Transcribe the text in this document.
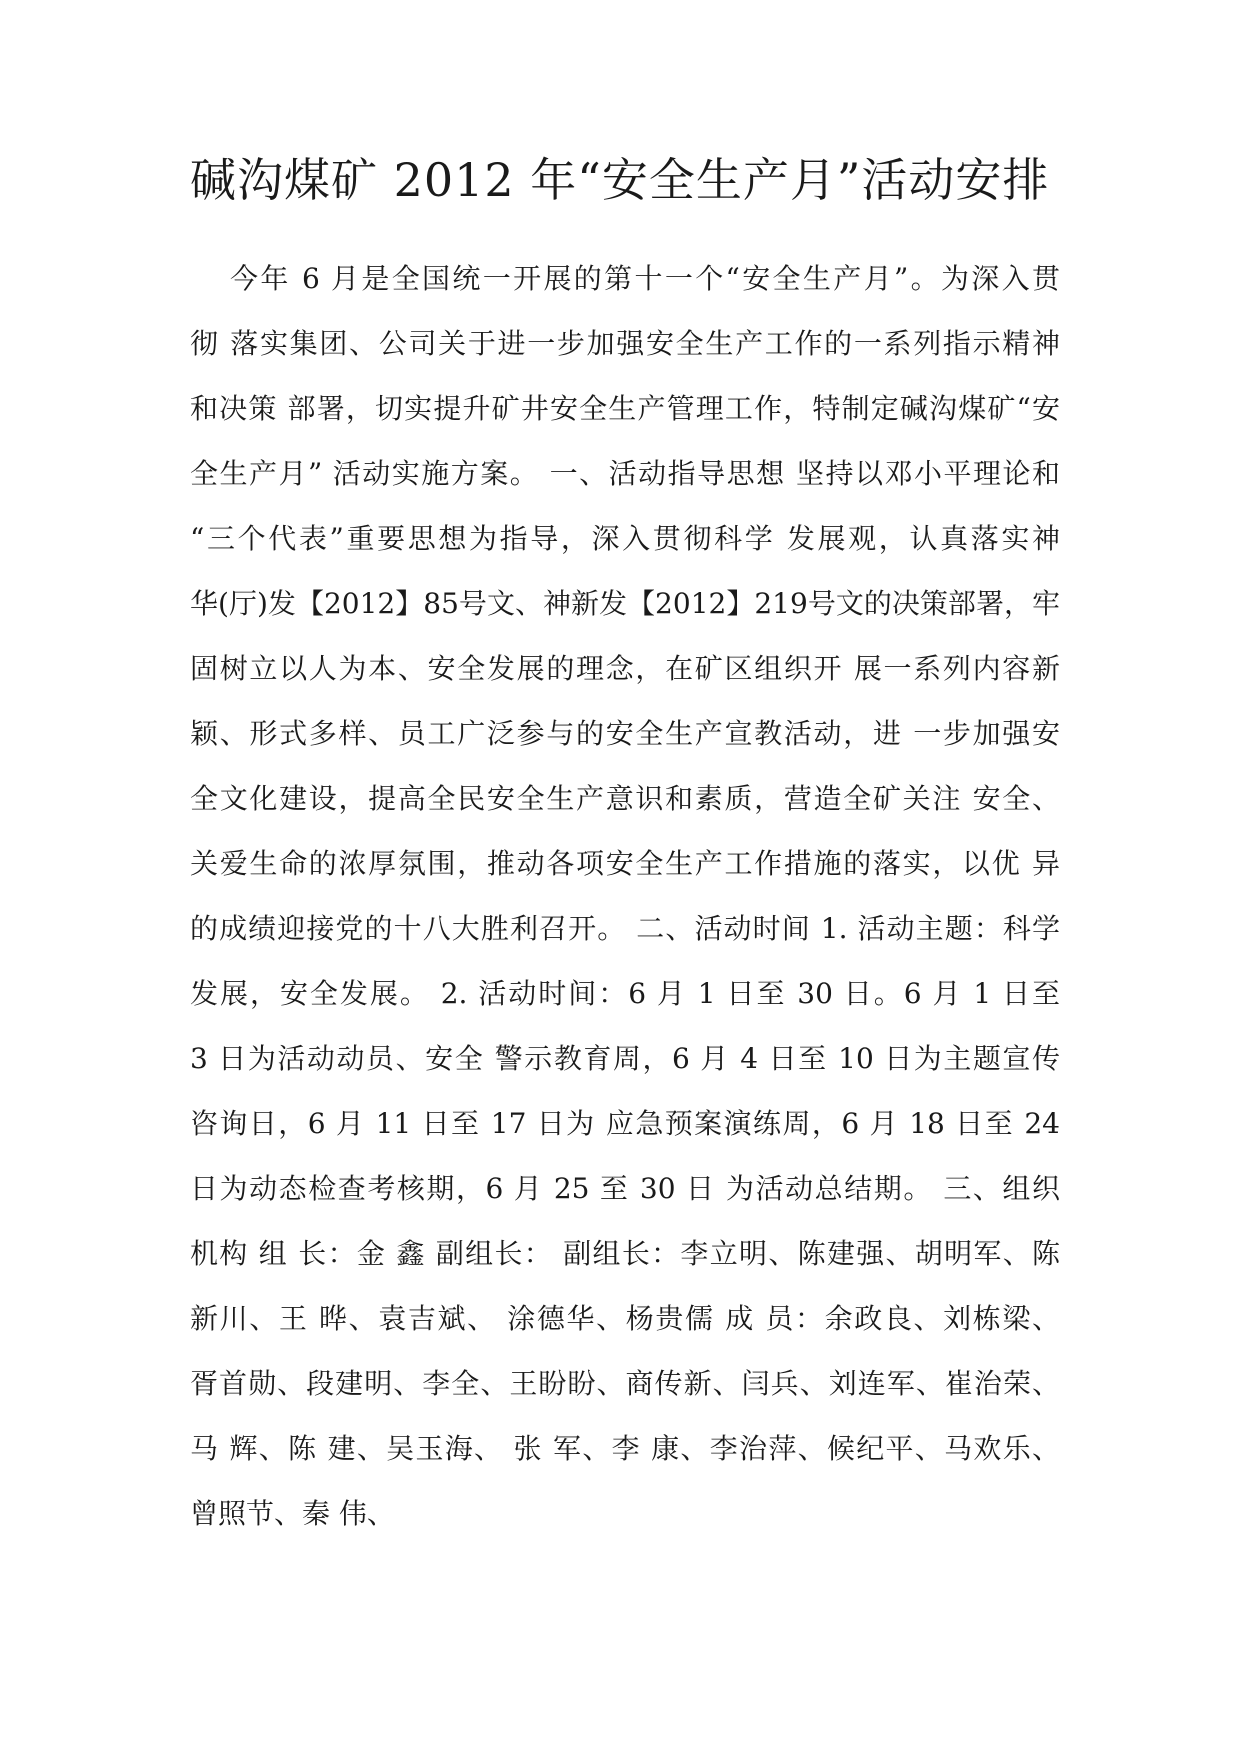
碱沟煤矿 2012 年“安全生产月”活动安排
今年 6 月是全国统一开展的第十一个“安全生产月”。为深入贯
彻 落实集团、公司关于进一步加强安全生产工作的一系列指示精神
和决策 部署，切实提升矿井安全生产管理工作，特制定碱沟煤矿“安
全生产月” 活动实施方案。 一、活动指导思想 坚持以邓小平理论和
“三个代表”重要思想为指导，深入贯彻科学 发展观，认真落实神
华(厅)发【2012】85号文、神新发【2012】219号文的决策部署，牢
固树立以人为本、安全发展的理念，在矿区组织开 展一系列内容新
颖、形式多样、员工广泛参与的安全生产宣教活动，进 一步加强安
全文化建设，提高全民安全生产意识和素质，营造全矿关注 安全、
关爱生命的浓厚氛围，推动各项安全生产工作措施的落实，以优 异
的成绩迎接党的十八大胜利召开。 二、活动时间 1. 活动主题：科学
发展，安全发展。 2. 活动时间：6 月 1 日至 30 日。6 月 1 日至
3 日为活动动员、安全 警示教育周，6 月 4 日至 10 日为主题宣传
咨询日，6 月 11 日至 17 日为 应急预案演练周，6 月 18 日至 24
日为动态检查考核期，6 月 25 至 30 日 为活动总结期。 三、组织
机构 组 长：金 鑫 副组长： 副组长：李立明、陈建强、胡明军、陈
新川、王 晔、袁吉斌、 涂德华、杨贵儒 成 员：余政良、刘栋梁、
胥首勋、段建明、李全、王盼盼、商传新、闫兵、刘连军、崔治荣、
马 辉、陈 建、吴玉海、 张 军、李 康、李治萍、候纪平、马欢乐、
曾照节、秦 伟、
